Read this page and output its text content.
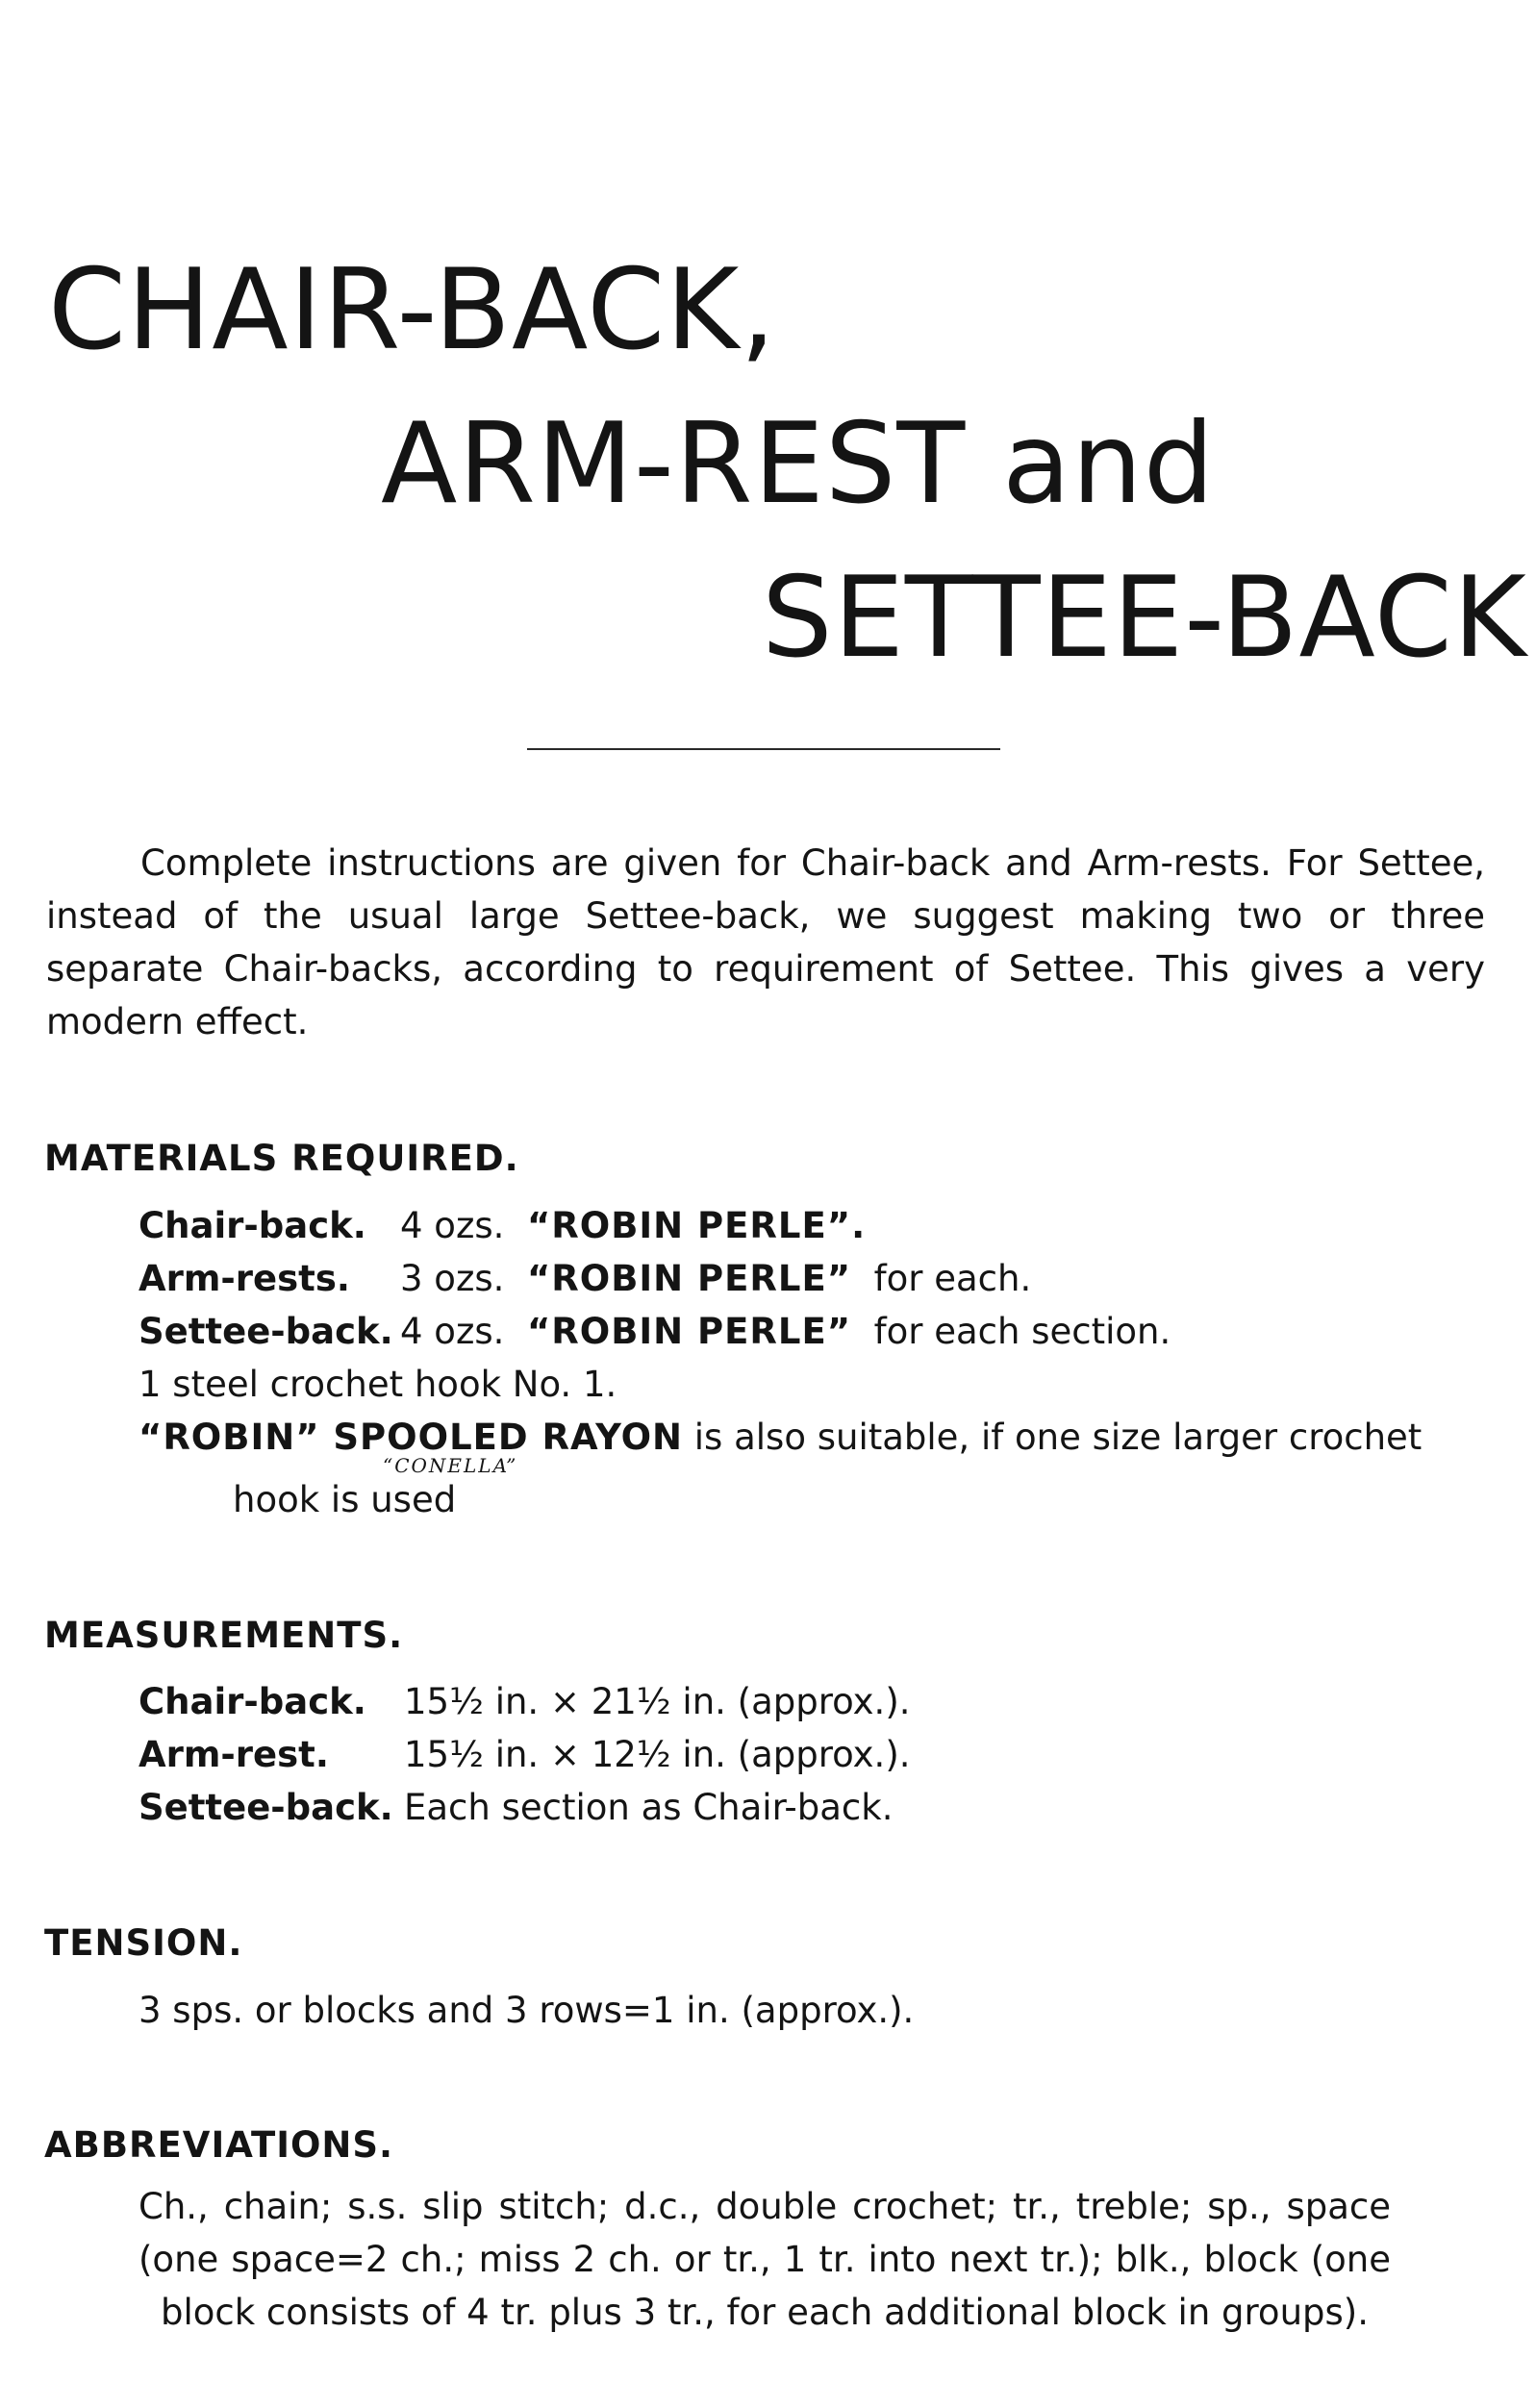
CHAIR-BACK,
ARM-REST and
SETTEE-BACK

Complete instructions are given for Chair-back and Arm-rests. For Settee, instead of the usual large Settee-back, we suggest making two or three separate Chair-backs, according to requirement of Settee. This gives a very modern effect.

MATERIALS REQUIRED.
Chair-back. 4 ozs. “ROBIN PERLE”.
Arm-rests. 3 ozs. “ROBIN PERLE” for each.
Settee-back. 4 ozs. “ROBIN PERLE” for each section.
1 steel crochet hook No. 1.
“ROBIN” SPOOLED RAYON is also suitable, if one size larger crochet
“CONELLA”
hook is used
MEASUREMENTS.
Chair-back. 15½ in. × 21½ in. (approx.).
Arm-rest. 15½ in. × 12½ in. (approx.).
Settee-back. Each section as Chair-back.
TENSION.
3 sps. or blocks and 3 rows=1 in. (approx.).
ABBREVIATIONS.

Ch., chain; s.s. slip stitch; d.c., double crochet; tr., treble; sp., space (one space=2 ch.; miss 2 ch. or tr., 1 tr. into next tr.); blk., block (one block consists of 4 tr. plus 3 tr., for each additional block in groups).
